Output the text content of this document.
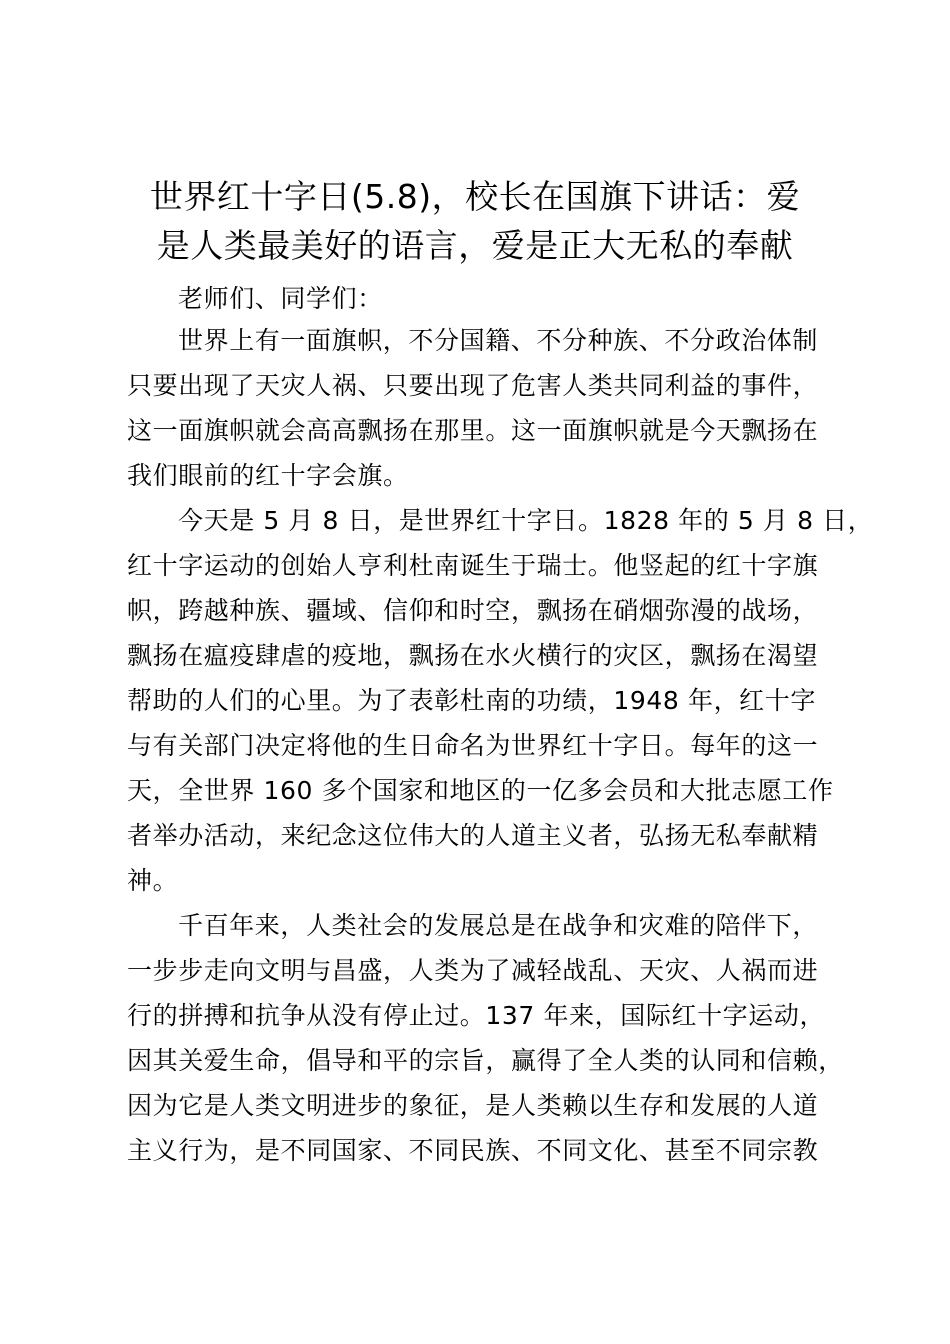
世界红十字日(5.8)，校长在国旗下讲话：爱
是人类最美好的语言，爱是正大无私的奉献
老师们、同学们：
世界上有一面旗帜，不分国籍、不分种族、不分政治体制
只要出现了天灾人祸、只要出现了危害人类共同利益的事件，
这一面旗帜就会高高飘扬在那里。这一面旗帜就是今天飘扬在
我们眼前的红十字会旗。
今天是 5 月 8 日，是世界红十字日。1828 年的 5 月 8 日，
红十字运动的创始人亨利杜南诞生于瑞士。他竖起的红十字旗
帜，跨越种族、疆域、信仰和时空，飘扬在硝烟弥漫的战场，
飘扬在瘟疫肆虐的疫地，飘扬在水火横行的灾区，飘扬在渴望
帮助的人们的心里。为了表彰杜南的功绩，1948 年，红十字
与有关部门决定将他的生日命名为世界红十字日。每年的这一
天，全世界 160 多个国家和地区的一亿多会员和大批志愿工作
者举办活动，来纪念这位伟大的人道主义者，弘扬无私奉献精
神。
千百年来，人类社会的发展总是在战争和灾难的陪伴下，
一步步走向文明与昌盛，人类为了减轻战乱、天灾、人祸而进
行的拼搏和抗争从没有停止过。137 年来，国际红十字运动，
因其关爱生命，倡导和平的宗旨，赢得了全人类的认同和信赖，
因为它是人类文明进步的象征，是人类赖以生存和发展的人道
主义行为，是不同国家、不同民族、不同文化、甚至不同宗教
